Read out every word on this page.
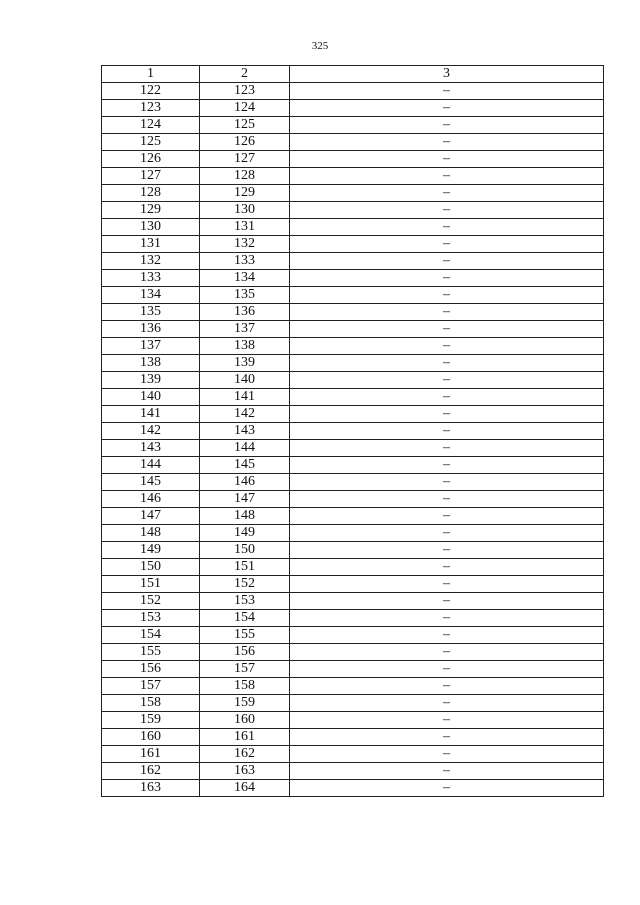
325
1	2	3
122	123	–
123	124	–
124	125	–
125	126	–
126	127	–
127	128	–
128	129	–
129	130	–
130	131	–
131	132	–
132	133	–
133	134	–
134	135	–
135	136	–
136	137	–
137	138	–
138	139	–
139	140	–
140	141	–
141	142	–
142	143	–
143	144	–
144	145	–
145	146	–
146	147	–
147	148	–
148	149	–
149	150	–
150	151	–
151	152	–
152	153	–
153	154	–
154	155	–
155	156	–
156	157	–
157	158	–
158	159	–
159	160	–
160	161	–
161	162	–
162	163	–
163	164	–
